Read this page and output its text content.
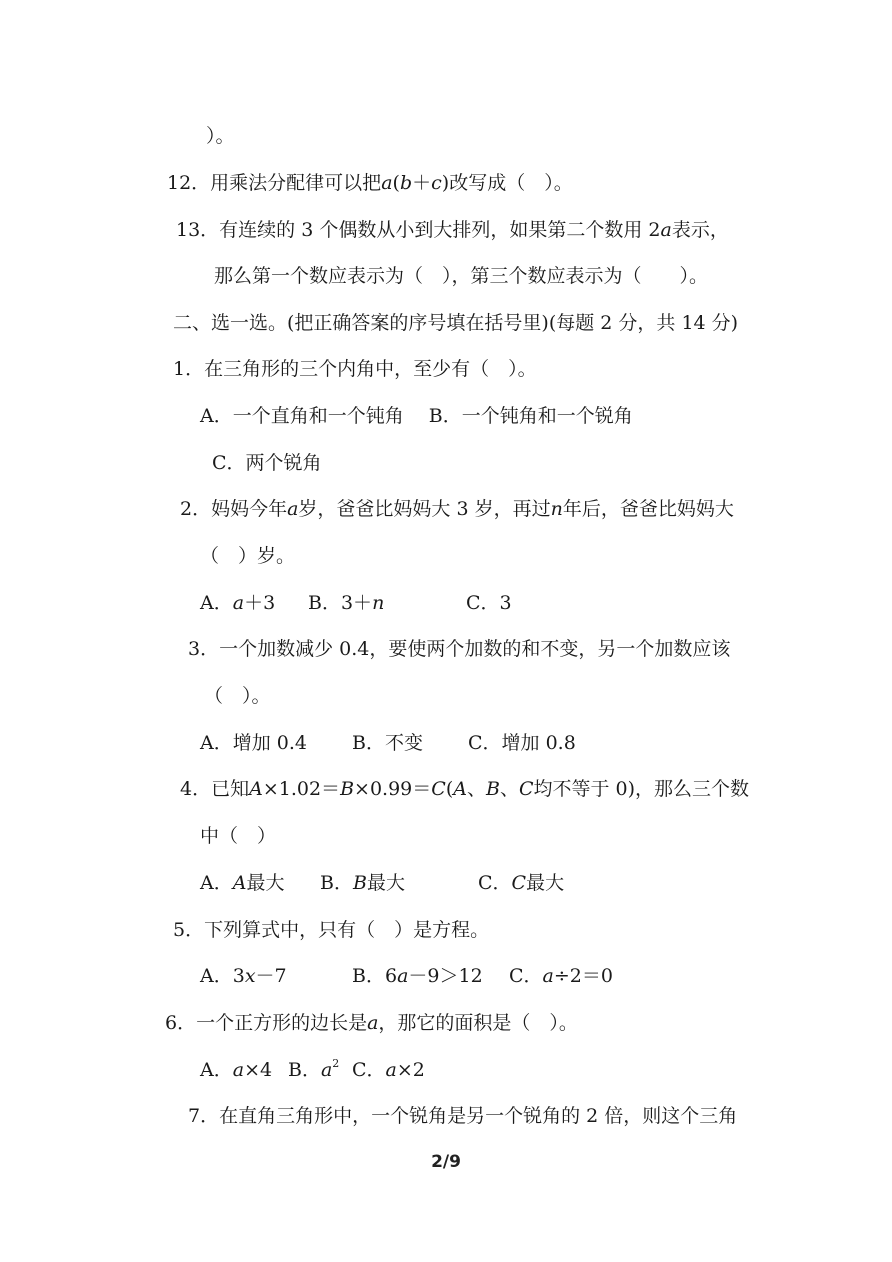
）。
12．用乘法分配律可以把a(b＋c)改写成（　）。
13．有连续的 3 个偶数从小到大排列，如果第二个数用 2a表示，
那么第一个数应表示为（　），第三个数应表示为（　　）。
二、选一选。(把正确答案的序号填在括号里)(每题 2 分，共 14 分)
1．在三角形的三个内角中，至少有（　）。
A．一个直角和一个钝角　 B．一个钝角和一个锐角
C．两个锐角
2．妈妈今年a岁，爸爸比妈妈大 3 岁，再过n年后，爸爸比妈妈大
（　）岁。
A．a＋3 B．3＋n	C．3
3．一个加数减少 0.4，要使两个加数的和不变，另一个加数应该
（　）。
A．增加 0.4 B．不变 C．增加 0.8
4．已知A×1.02＝B×0.99＝C(A、B、C均不等于 0)，那么三个数
中（　）
A．A最大 B．B最大	C．C最大
5．下列算式中，只有（　）是方程。
A．3x－7	B．6a－9＞12 C．a÷2＝0
6．一个正方形的边长是a，那它的面积是（　）。
A．a×4 B．$a^2$ C．a×2
7．在直角三角形中，一个锐角是另一个锐角的 2 倍，则这个三角
2/9
